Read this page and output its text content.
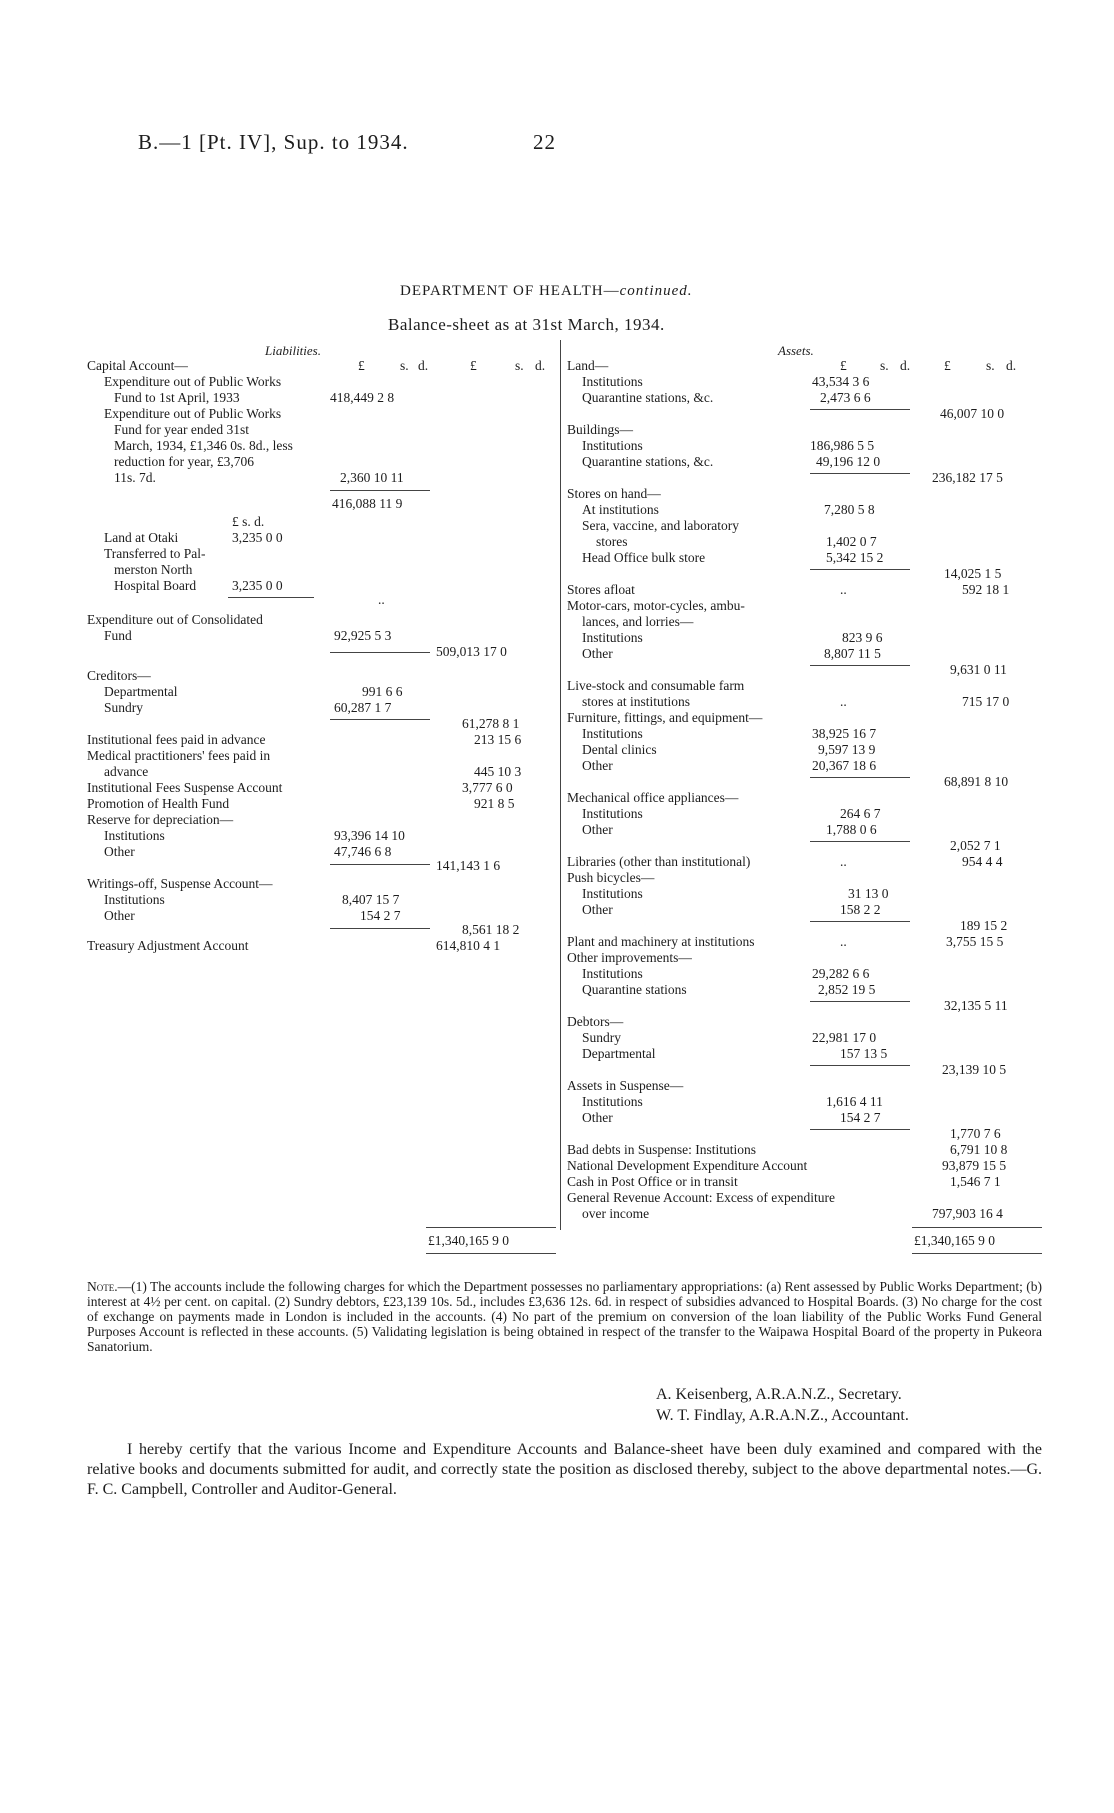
B.—1 [Pt. IV], Sup. to 1934.	22
DEPARTMENT OF HEALTH—continued.
Balance-sheet as at 31st March, 1934.
Liabilities.
£	s. d.	£	s. d.
Capital Account—
Expenditure out of Public Works
Fund to 1st April, 1933	418,449 2 8
Expenditure out of Public Works
Fund for year ended 31st
March, 1934, £1,346 0s. 8d., less
reduction for year, £3,706
11s. 7d.	2,360 10 11
416,088 11 9
£ s. d.
Land at Otaki	3,235 0 0
Transferred to Pal-
merston North
Hospital Board	3,235 0 0
..
Expenditure out of Consolidated
Fund	92,925 5 3
509,013 17 0
Creditors—
Departmental	991 6 6
Sundry	60,287 1 7
61,278 8 1
Institutional fees paid in advance	213 15 6
Medical practitioners' fees paid in
advance	445 10 3
Institutional Fees Suspense Account	3,777 6 0
Promotion of Health Fund	921 8 5
Reserve for depreciation—
Institutions	93,396 14 10
Other	47,746 6 8
141,143 1 6
Writings-off, Suspense Account—
Institutions	8,407 15 7
Other	154 2 7
8,561 18 2
Treasury Adjustment Account	614,810 4 1
£1,340,165 9 0
Assets.
£ s. d.	£	s. d.
Land—
Institutions	43,534 3 6
Quarantine stations, &c.	2,473 6 6
46,007 10 0
Buildings—
Institutions	186,986 5 5
Quarantine stations, &c.	49,196 12 0
236,182 17 5
Stores on hand—
At institutions	7,280 5 8
Sera, vaccine, and laboratory
stores	1,402 0 7
Head Office bulk store	5,342 15 2
14,025 1 5
Stores afloat	..	592 18 1
Motor-cars, motor-cycles, ambu-
lances, and lorries—
Institutions	823 9 6
Other	8,807 11 5
9,631 0 11
Live-stock and consumable farm
stores at institutions	..	715 17 0
Furniture, fittings, and equipment—
Institutions	38,925 16 7
Dental clinics	9,597 13 9
Other	20,367 18 6
68,891 8 10
Mechanical office appliances—
Institutions	264 6 7
Other	1,788 0 6
2,052 7 1
Libraries (other than institutional)	..	954 4 4
Push bicycles—
Institutions	31 13 0
Other	158 2 2
189 15 2
Plant and machinery at institutions	..	3,755 15 5
Other improvements—
Institutions	29,282 6 6
Quarantine stations	2,852 19 5
32,135 5 11
Debtors—
Sundry	22,981 17 0
Departmental	157 13 5
23,139 10 5
Assets in Suspense—
Institutions	1,616 4 11
Other	154 2 7
1,770 7 6
Bad debts in Suspense: Institutions	6,791 10 8
National Development Expenditure Account	93,879 15 5
Cash in Post Office or in transit	1,546 7 1
General Revenue Account: Excess of expenditure
over income	797,903 16 4
£1,340,165 9 0
Note.—(1) The accounts include the following charges for which the Department possesses no parliamentary appropriations: (a) Rent assessed by Public Works Department; (b) interest at 4½ per cent. on capital. (2) Sundry debtors, £23,139 10s. 5d., includes £3,636 12s. 6d. in respect of subsidies advanced to Hospital Boards. (3) No charge for the cost of exchange on payments made in London is included in the accounts. (4) No part of the premium on conversion of the loan liability of the Public Works Fund General Purposes Account is reflected in these accounts. (5) Validating legislation is being obtained in respect of the transfer to the Waipawa Hospital Board of the property in Pukeora Sanatorium.
A. Keisenberg, A.R.A.N.Z., Secretary.
W. T. Findlay, A.R.A.N.Z., Accountant.
I hereby certify that the various Income and Expenditure Accounts and Balance-sheet have been duly examined and compared with the relative books and documents submitted for audit, and correctly state the position as disclosed thereby, subject to the above departmental notes.—G. F. C. Campbell, Controller and Auditor-General.
